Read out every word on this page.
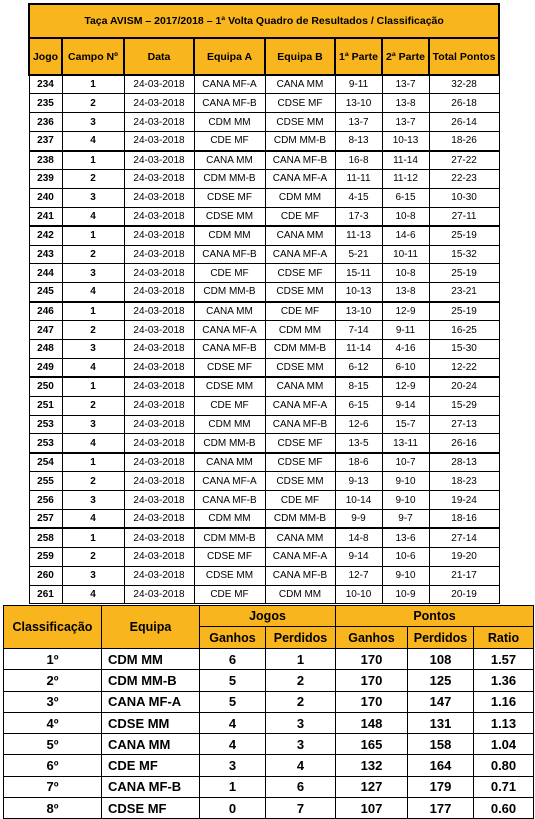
Taça AVISM – 2017/2018 – 1ª Volta Quadro de Resultados / Classificação							
Jogo	Campo Nº	Data	Equipa A	Equipa B	1ª Parte	2ª Parte	Total Pontos
234	1	24-03-2018	CANA MF-A	CANA MM	9-11	13-7	32-28
235	2	24-03-2018	CANA MF-B	CDSE MF	13-10	13-8	26-18
236	3	24-03-2018	CDM MM	CDSE MM	13-7	13-7	26-14
237	4	24-03-2018	CDE MF	CDM MM-B	8-13	10-13	18-26
238	1	24-03-2018	CANA MM	CANA MF-B	16-8	11-14	27-22
239	2	24-03-2018	CDM MM-B	CANA MF-A	11-11	11-12	22-23
240	3	24-03-2018	CDSE MF	CDM MM	4-15	6-15	10-30
241	4	24-03-2018	CDSE MM	CDE MF	17-3	10-8	27-11
242	1	24-03-2018	CDM MM	CANA MM	11-13	14-6	25-19
243	2	24-03-2018	CANA MF-B	CANA MF-A	5-21	10-11	15-32
244	3	24-03-2018	CDE MF	CDSE MF	15-11	10-8	25-19
245	4	24-03-2018	CDM MM-B	CDSE MM	10-13	13-8	23-21
246	1	24-03-2018	CANA MM	CDE MF	13-10	12-9	25-19
247	2	24-03-2018	CANA MF-A	CDM MM	7-14	9-11	16-25
248	3	24-03-2018	CANA MF-B	CDM MM-B	11-14	4-16	15-30
249	4	24-03-2018	CDSE MF	CDSE MM	6-12	6-10	12-22
250	1	24-03-2018	CDSE MM	CANA MM	8-15	12-9	20-24
251	2	24-03-2018	CDE MF	CANA MF-A	6-15	9-14	15-29
253	3	24-03-2018	CDM MM	CANA MF-B	12-6	15-7	27-13
253	4	24-03-2018	CDM MM-B	CDSE MF	13-5	13-11	26-16
254	1	24-03-2018	CANA MM	CDSE MF	18-6	10-7	28-13
255	2	24-03-2018	CANA MF-A	CDSE MM	9-13	9-10	18-23
256	3	24-03-2018	CANA MF-B	CDE MF	10-14	9-10	19-24
257	4	24-03-2018	CDM MM	CDM MM-B	9-9	9-7	18-16
258	1	24-03-2018	CDM MM-B	CANA MM	14-8	13-6	27-14
259	2	24-03-2018	CDSE MF	CANA MF-A	9-14	10-6	19-20
260	3	24-03-2018	CDSE MM	CANA MF-B	12-7	9-10	21-17
261	4	24-03-2018	CDE MF	CDM MM	10-10	10-9	20-19
Classificação	Equipa	Jogos		Pontos		
		Ganhos	Perdidos	Ganhos	Perdidos	Ratio
1º	CDM MM	6	1	170	108	1.57
2º	CDM MM-B	5	2	170	125	1.36
3º	CANA MF-A	5	2	170	147	1.16
4º	CDSE MM	4	3	148	131	1.13
5º	CANA MM	4	3	165	158	1.04
6º	CDE MF	3	4	132	164	0.80
7º	CANA MF-B	1	6	127	179	0.71
8º	CDSE MF	0	7	107	177	0.60
